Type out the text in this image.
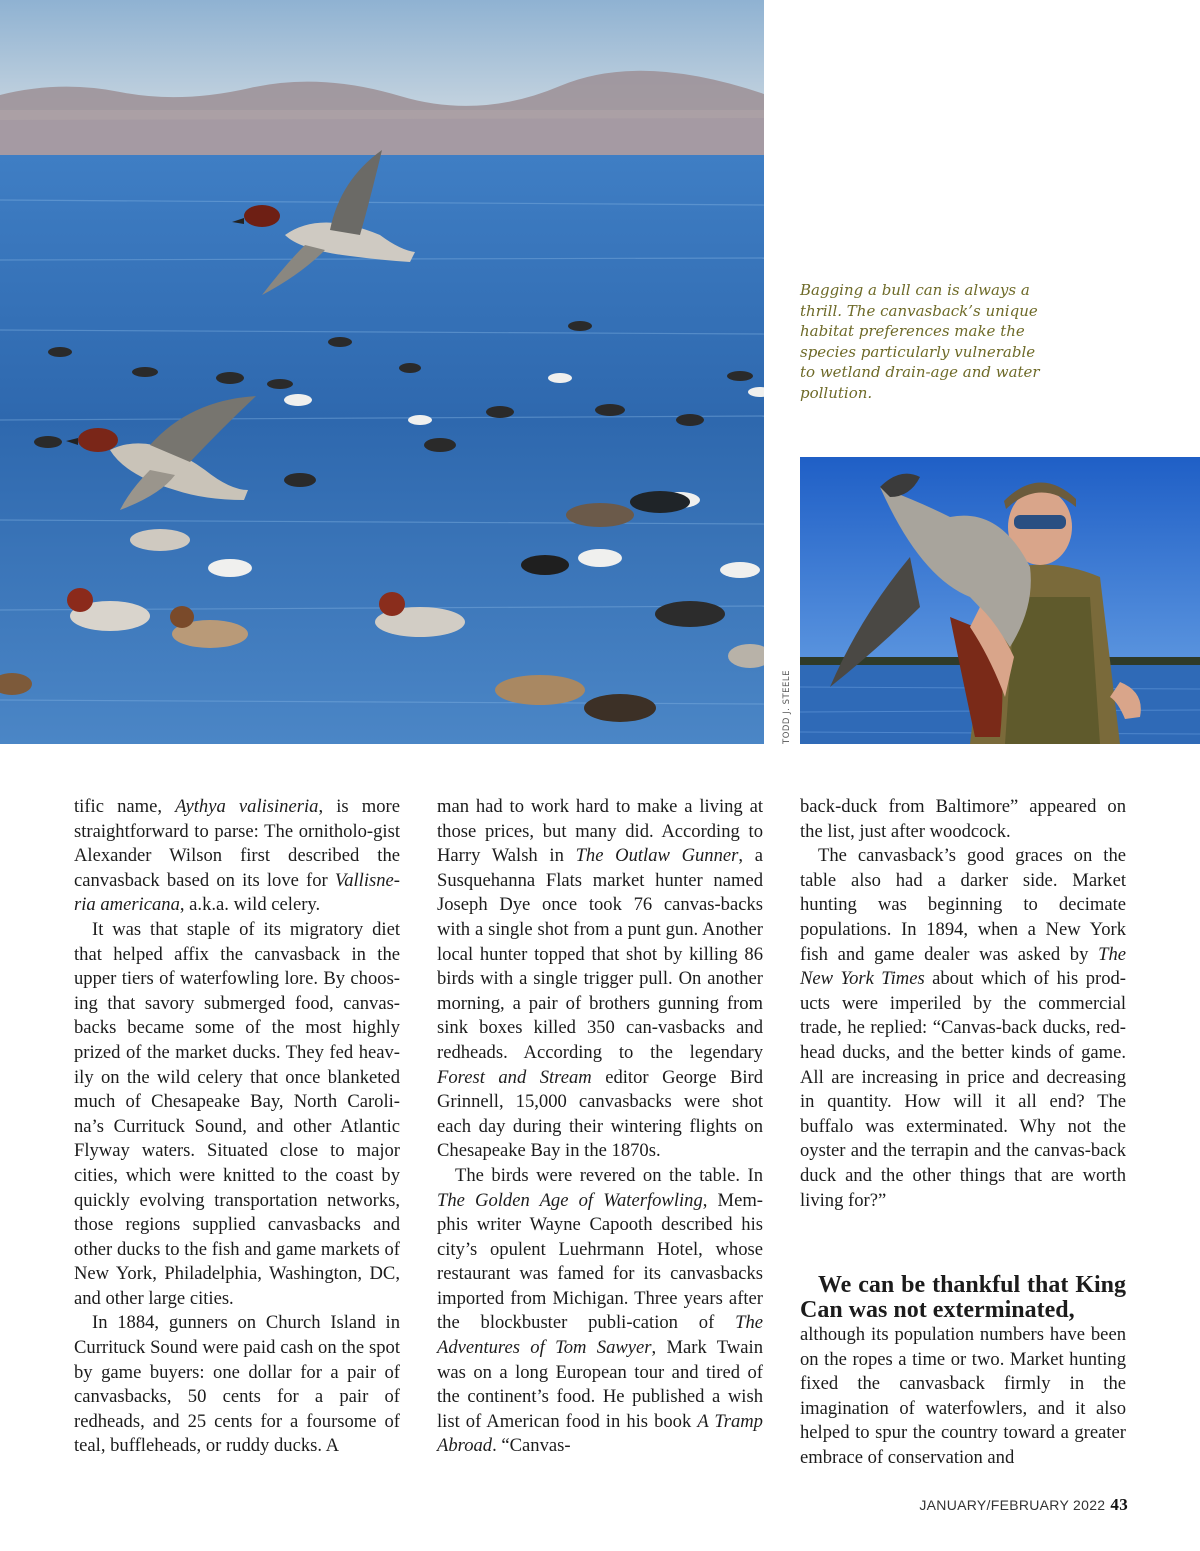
Bagging a bull can is always a thrill. The canvasback’s unique habitat preferences make the species particularly vulnerable to wetland drain-age and water pollution.

TODD J. STEELE

tific name, Aythya valisineria, is more straightforward to parse: The ornitholo-gist Alexander Wilson first described the canvasback based on its love for Vallisne-ria americana, a.k.a. wild celery.

It was that staple of its migratory diet that helped affix the canvasback in the upper tiers of waterfowling lore. By choos-ing that savory submerged food, canvas-backs became some of the most highly prized of the market ducks. They fed heav-ily on the wild celery that once blanketed much of Chesapeake Bay, North Caroli-na’s Currituck Sound, and other Atlantic Flyway waters. Situated close to major cities, which were knitted to the coast by quickly evolving transportation networks, those regions supplied canvasbacks and other ducks to the fish and game markets of New York, Philadelphia, Washington, DC, and other large cities.

In 1884, gunners on Church Island in Currituck Sound were paid cash on the spot by game buyers: one dollar for a pair of canvasbacks, 50 cents for a pair of redheads, and 25 cents for a foursome of teal, buffleheads, or ruddy ducks. A

man had to work hard to make a living at those prices, but many did. According to Harry Walsh in The Outlaw Gunner, a Susquehanna Flats market hunter named Joseph Dye once took 76 canvas-backs with a single shot from a punt gun. Another local hunter topped that shot by killing 86 birds with a single trigger pull. On another morning, a pair of brothers gunning from sink boxes killed 350 can-vasbacks and redheads. According to the legendary Forest and Stream editor George Bird Grinnell, 15,000 canvasbacks were shot each day during their wintering flights on Chesapeake Bay in the 1870s.

The birds were revered on the table. In The Golden Age of Waterfowling, Mem-phis writer Wayne Capooth described his city’s opulent Luehrmann Hotel, whose restaurant was famed for its canvasbacks imported from Michigan. Three years after the blockbuster publi-cation of The Adventures of Tom Sawyer, Mark Twain was on a long European tour and tired of the continent’s food. He published a wish list of American food in his book A Tramp Abroad. “Canvas-

back-duck from Baltimore” appeared on the list, just after woodcock.

The canvasback’s good graces on the table also had a darker side. Market hunting was beginning to decimate populations. In 1894, when a New York fish and game dealer was asked by The New York Times about which of his prod-ucts were imperiled by the commercial trade, he replied: “Canvas-back ducks, red-head ducks, and the better kinds of game. All are increasing in price and decreasing in quantity. How will it all end? The buffalo was exterminated. Why not the oyster and the terrapin and the canvas-back duck and the other things that are worth living for?”

We can be thankful that King Can was not exterminated,

although its population numbers have been on the ropes a time or two. Market hunting fixed the canvasback firmly in the imagination of waterfowlers, and it also helped to spur the country toward a greater embrace of conservation and

JANUARY/FEBRUARY 2022 43
